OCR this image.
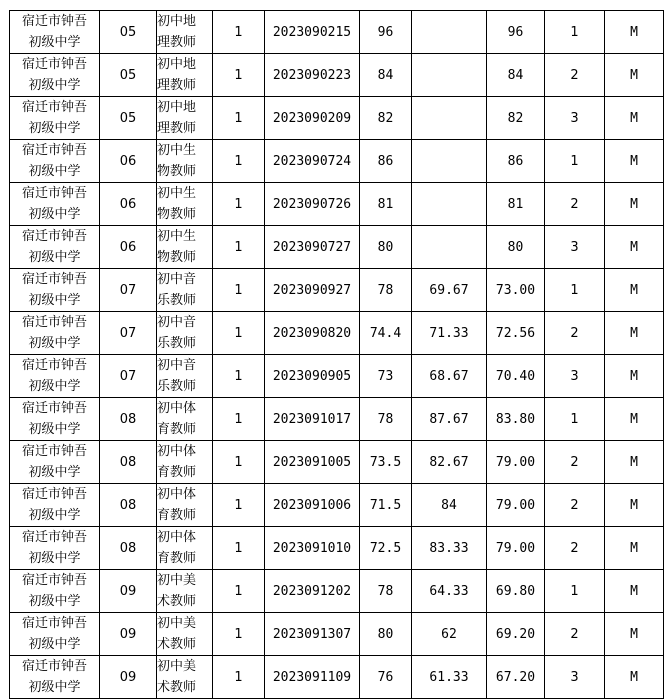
宿迁市钟吾
初级中学	05	初中地
理教师	1	2023090215	96		96	1	M

宿迁市钟吾
初级中学	05	初中地
理教师	1	2023090223	84		84	2	M

宿迁市钟吾
初级中学	05	初中地
理教师	1	2023090209	82		82	3	M

宿迁市钟吾
初级中学	06	初中生
物教师	1	2023090724	86		86	1	M

宿迁市钟吾
初级中学	06	初中生
物教师	1	2023090726	81		81	2	M

宿迁市钟吾
初级中学	06	初中生
物教师	1	2023090727	80		80	3	M

宿迁市钟吾
初级中学	07	初中音
乐教师	1	2023090927	78	69.67	73.00	1	M

宿迁市钟吾
初级中学	07	初中音
乐教师	1	2023090820	74.4	71.33	72.56	2	M

宿迁市钟吾
初级中学	07	初中音
乐教师	1	2023090905	73	68.67	70.40	3	M

宿迁市钟吾
初级中学	08	初中体
育教师	1	2023091017	78	87.67	83.80	1	M

宿迁市钟吾
初级中学	08	初中体
育教师	1	2023091005	73.5	82.67	79.00	2	M

宿迁市钟吾
初级中学	08	初中体
育教师	1	2023091006	71.5	84	79.00	2	M

宿迁市钟吾
初级中学	08	初中体
育教师	1	2023091010	72.5	83.33	79.00	2	M

宿迁市钟吾
初级中学	09	初中美
术教师	1	2023091202	78	64.33	69.80	1	M

宿迁市钟吾
初级中学	09	初中美
术教师	1	2023091307	80	62	69.20	2	M

宿迁市钟吾
初级中学	09	初中美
术教师	1	2023091109	76	61.33	67.20	3	M
